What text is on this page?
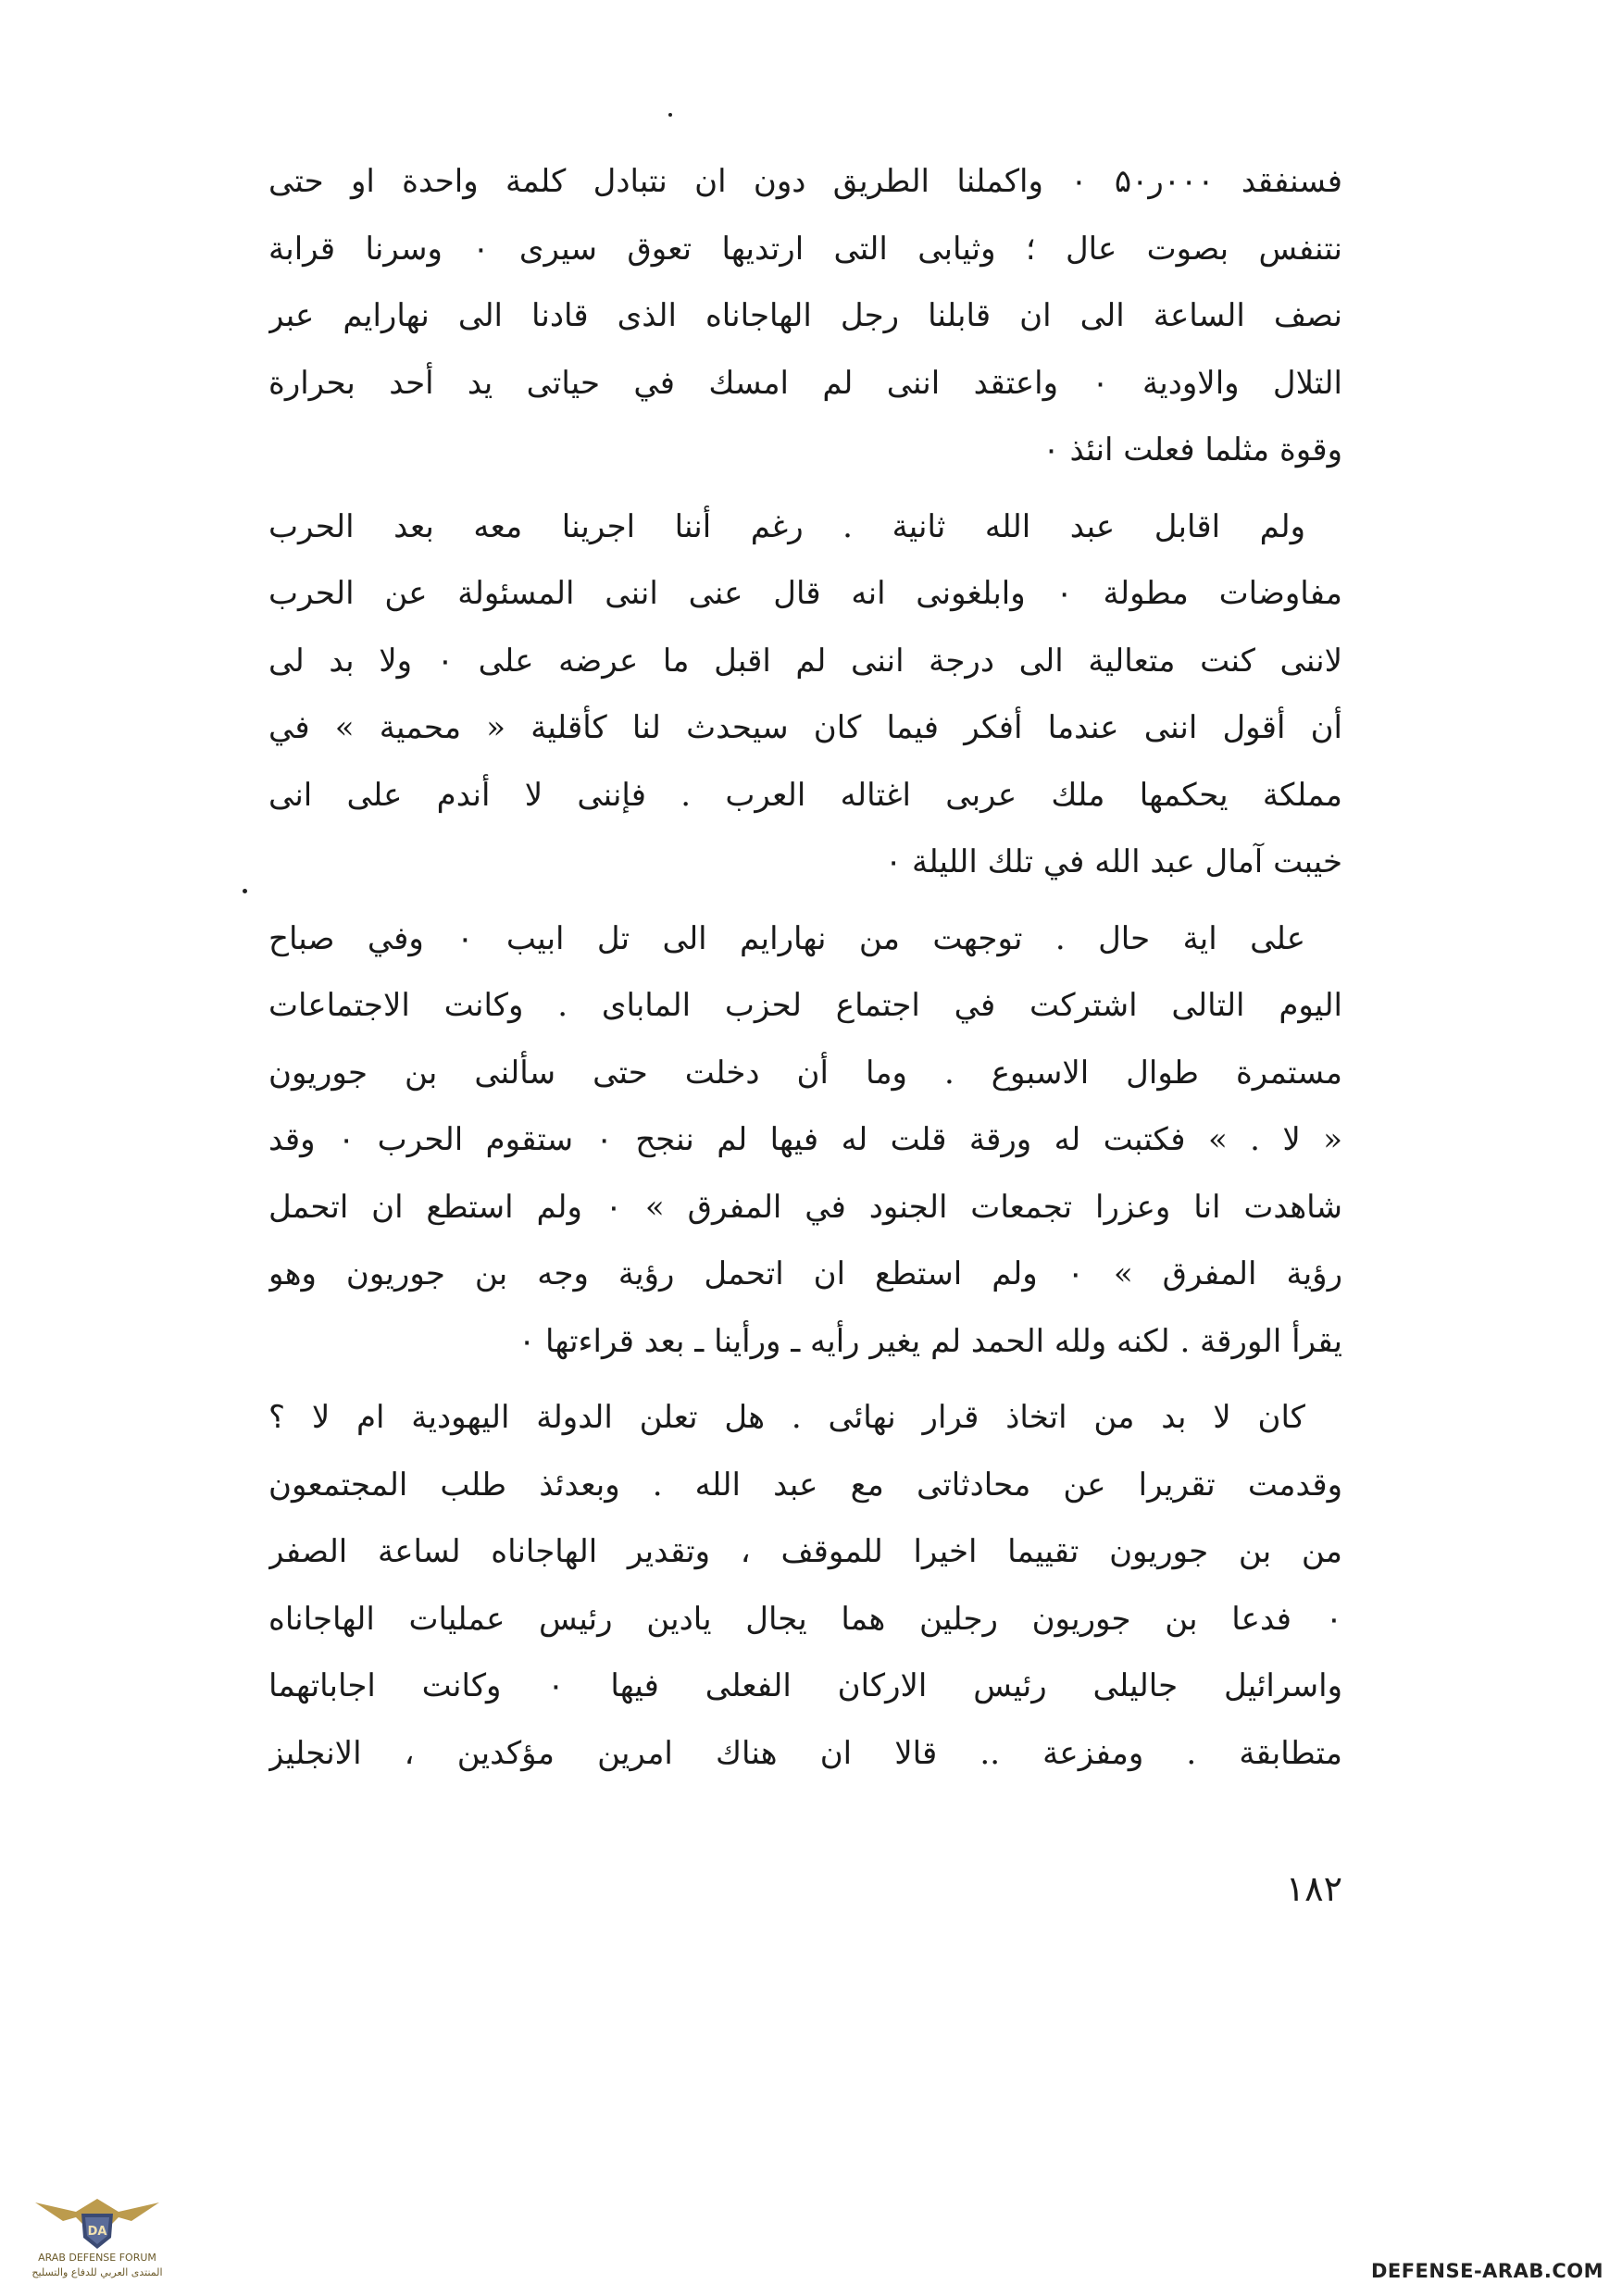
فسنفقد ۰۰۰ر۵۰ ٠ واكملنا الطريق دون ان نتبادل كلمة واحدة او حتى
نتنفس بصوت عال ؛ وثيابى التى ارتديها تعوق سيرى ٠ وسرنا قرابة
نصف الساعة الى ان قابلنا رجل الهاجاناه الذى قادنا الى نهارايم عبر
التلال والاودية ٠ واعتقد اننى لم امسك في حياتى يد أحد بحرارة
وقوة مثلما فعلت انئذ ٠

ولم اقابل عبد الله ثانية . رغم أننا اجرينا معه بعد الحرب
مفاوضات مطولة ٠ وابلغونى انه قال عنى اننى المسئولة عن الحرب
لاننى كنت متعالية الى درجة اننى لم اقبل ما عرضه على ٠ ولا بد لى
أن أقول اننى عندما أفكر فيما كان سيحدث لنا كأقلية « محمية » في
مملكة يحكمها ملك عربى اغتاله العرب . فإننى لا أندم على انى
خيبت آمال عبد الله في تلك الليلة ٠

على اية حال . توجهت من نهارايم الى تل ابيب ٠ وفي صباح
اليوم التالى اشتركت في اجتماع لحزب الماباى . وكانت الاجتماعات
مستمرة طوال الاسبوع . وما أن دخلت حتى سألنى بن جوريون
« لا . » فكتبت له ورقة قلت له فيها لم ننجح ٠ ستقوم الحرب ٠ وقد
شاهدت انا وعزرا تجمعات الجنود في المفرق » ٠ ولم استطع ان اتحمل
رؤية المفرق » ٠ ولم استطع ان اتحمل رؤية وجه بن جوريون وهو
يقرأ الورقة . لكنه ولله الحمد لم يغير رأيه ـ ورأينا ـ بعد قراءتها ٠

كان لا بد من اتخاذ قرار نهائى . هل تعلن الدولة اليهودية ام لا ؟
وقدمت تقريرا عن محادثاتى مع عبد الله . وبعدئذ طلب المجتمعون
من بن جوريون تقييما اخيرا للموقف ، وتقدير الهاجاناه لساعة الصفر
٠ فدعا بن جوريون رجلين هما يجال يادين رئيس عمليات الهاجاناه
واسرائيل جاليلى رئيس الاركان الفعلى فيها ٠ وكانت اجاباتهما
متطابقة . ومفزعة .. قالا ان هناك امرين مؤكدين ، الانجليز

١٨٢
DA
ARAB DEFENSE FORUM
المنتدى العربي للدفاع والتسليح	DEFENSE-ARAB.COM
